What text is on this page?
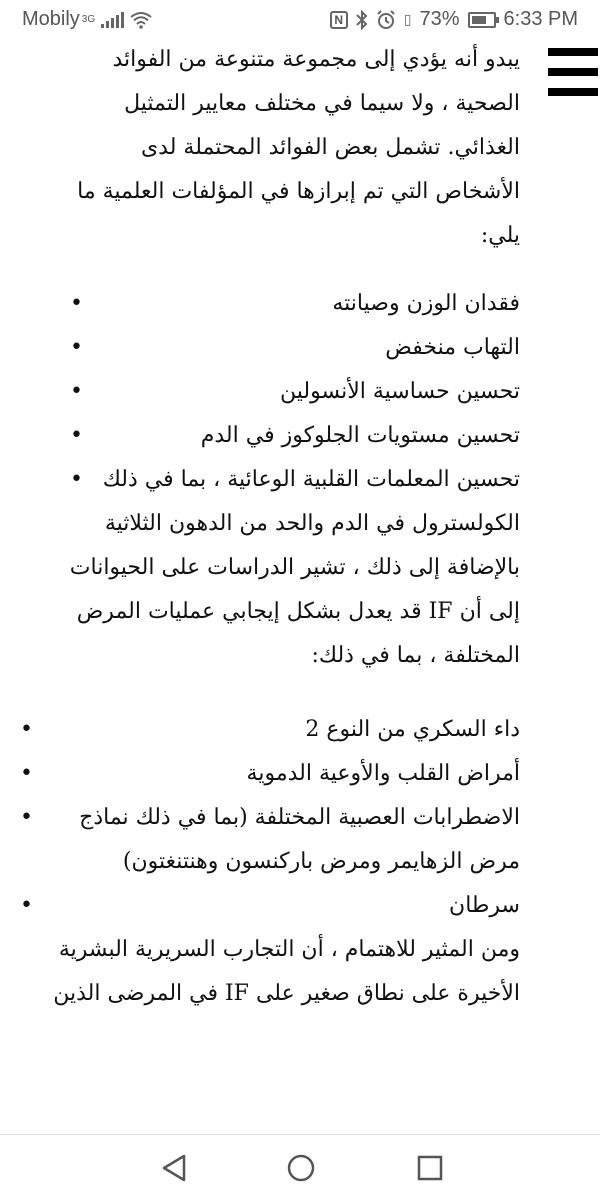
Mobily 3G	N	▯ 73% 6:33 PM

يبدو أنه يؤدي إلى مجموعة متنوعة من الفوائد الصحية ، ولا سيما في مختلف معايير التمثيل الغذائي. تشمل بعض الفوائد المحتملة لدى الأشخاص التي تم إبرازها في المؤلفات العلمية ما يلي:

•	فقدان الوزن وصيانته
•	التهاب منخفض
•	تحسين حساسية الأنسولين
•	تحسين مستويات الجلوكوز في الدم
• تحسين المعلمات القلبية الوعائية ، بما في ذلك الكولسترول في الدم والحد من الدهون الثلاثية

بالإضافة إلى ذلك ، تشير الدراسات على الحيوانات إلى أن IF قد يعدل بشكل إيجابي عمليات المرض المختلفة ، بما في ذلك:

•	داء السكري من النوع 2
•	أمراض القلب والأوعية الدموية
•	الاضطرابات العصبية المختلفة (بما في ذلك نماذج مرض الزهايمر ومرض باركنسون وهنتنغتون)
•	سرطان

ومن المثير للاهتمام ، أن التجارب السريرية البشرية الأخيرة على نطاق صغير على IF في المرضى الذين
